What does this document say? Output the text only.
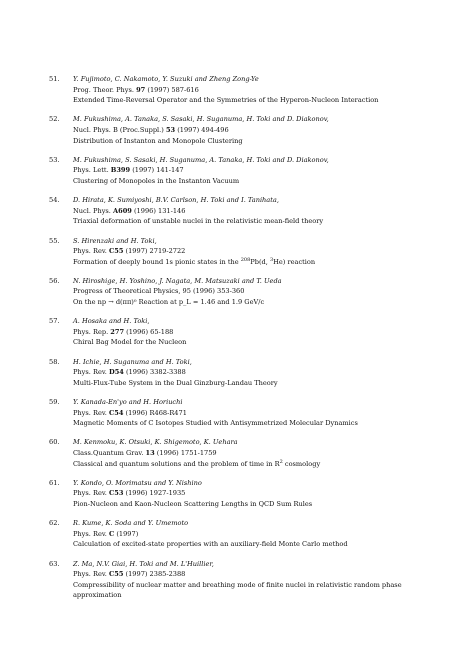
51.	Y. Fujimoto, C. Nakamoto, Y. Suzuki and Zheng Zong-Ye
Prog. Theor. Phys. 97 (1997) 587-616
Extended Time-Reversal Operator and the Symmetries of the Hyperon-Nucleon Interaction
52.	M. Fukushima, A. Tanaka, S. Sasaki, H. Suganuma, H. Toki and D. Diakonov,
Nucl. Phys. B (Proc.Suppl.) 53 (1997) 494-496
Distribution of Instanton and Monopole Clustering
53.	M. Fukushima, S. Sasaki, H. Suganuma, A. Tanaka, H. Toki and D. Diakonov,
Phys. Lett. B399 (1997) 141-147
Clustering of Monopoles in the Instanton Vacuum
54.	D. Hirata, K. Sumiyoshi, B.V. Carlson, H. Toki and I. Tanihata,
Nucl. Phys. A609 (1996) 131-146
Triaxial deformation of unstable nuclei in the relativistic mean-field theory
55.	S. Hirenzaki and H. Toki,
Phys. Rev. C55 (1997) 2719-2722
Formation of deeply bound 1s pionic states in the $^{208}$Pb(d, $^3$He) reaction
56.	N. Hiroshige, H. Yoshino, J. Nagata, M. Matsuzaki and T. Ueda
Progress of Theoretical Physics, 95 (1996) 353-360
On the np → d(ππ)⁰ Reaction at p_L = 1.46 and 1.9 GeV/c
57.	A. Hosaka and H. Toki,
Phys. Rep. 277 (1996) 65-188
Chiral Bag Model for the Nucleon
58.	H. Ichie, H. Suganuma and H. Toki,
Phys. Rev. D54 (1996) 3382-3388
Multi-Flux-Tube System in the Dual Ginzburg-Landau Theory
59.	Y. Kanada-En'yo and H. Horiuchi
Phys. Rev. C54 (1996) R468-R471
Magnetic Moments of C Isotopes Studied with Antisymmetrized Molecular Dynamics
60.	M. Kenmoku, K. Otsuki, K. Shigemoto, K. Uehara
Class.Quantum Grav. 13 (1996) 1751-1759
Classical and quantum solutions and the problem of time in $R^2$ cosmology
61.	Y. Kondo, O. Morimatsu and Y. Nishino
Phys. Rev. C53 (1996) 1927-1935
Pion-Nucleon and Kaon-Nucleon Scattering Lengths in QCD Sum Rules
62.	R. Kume, K. Soda and Y. Umemoto
Phys. Rev. C (1997)
Calculation of excited-state properties with an auxiliary-field Monte Carlo method
63.	Z. Ma, N.V. Giai, H. Toki and M. L'Huillier,
Phys. Rev. C55 (1997) 2385-2388
Compressibility of nuclear matter and breathing mode of finite nuclei in relativistic random phase approximation
